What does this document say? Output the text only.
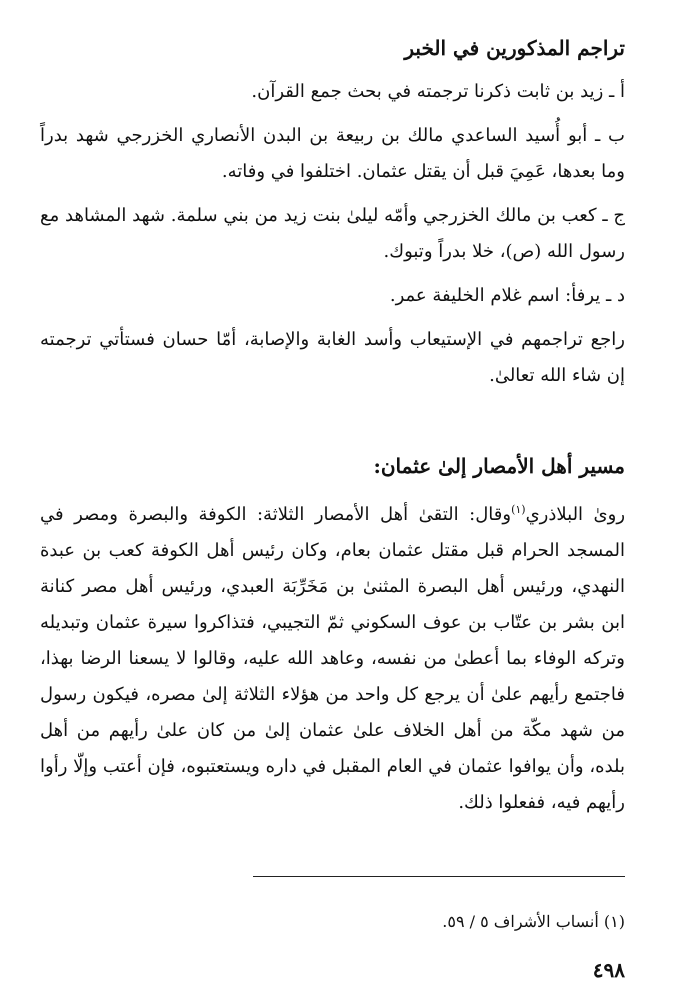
تراجم المذكورين في الخبر

أ ـ زيد بن ثابت ذكرنا ترجمته في بحث جمع القرآن.

ب ـ أبو أُسيد الساعدي مالك بن ربيعة بن البدن الأنصاري الخزرجي شهد بدراً وما بعدها، عَمِيَ قبل أن يقتل عثمان. اختلفوا في وفاته.

ج ـ كعب بن مالك الخزرجي وأمّه ليلىٰ بنت زيد من بني سلمة. شهد المشاهد مع رسول الله (ص)، خلا بدراً وتبوك.

د ـ يرفأ: اسم غلام الخليفة عمر.

راجع تراجمهم في الإستيعاب وأسد الغابة والإصابة، أمّا حسان فستأتي ترجمته إن شاء الله تعالىٰ.

مسير أهل الأمصار إلىٰ عثمان:

روىٰ البلاذري$^{(١)}$وقال: التقىٰ أهل الأمصار الثلاثة: الكوفة والبصرة ومصر في المسجد الحرام قبل مقتل عثمان بعام، وكان رئيس أهل الكوفة كعب بن عبدة النهدي، ورئيس أهل البصرة المثنىٰ بن مَخَرِّبَة العبدي، ورئيس أهل مصر كنانة ابن بشر بن عتّاب بن عوف السكوني ثمّ التجيبي، فتذاكروا سيرة عثمان وتبديله وتركه الوفاء بما أعطىٰ من نفسه، وعاهد الله عليه، وقالوا لا يسعنا الرضا بهذا، فاجتمع رأيهم علىٰ أن يرجع كل واحد من هؤلاء الثلاثة إلىٰ مصره، فيكون رسول من شهد مكّة من أهل الخلاف علىٰ عثمان إلىٰ من كان علىٰ رأيهم من أهل بلده، وأن يوافوا عثمان في العام المقبل في داره ويستعتبوه، فإن أعتب وإلّا رأوا رأيهم فيه، ففعلوا ذلك.

(١) أنساب الأشراف ٥ / ٥٩.

٤٩٨
